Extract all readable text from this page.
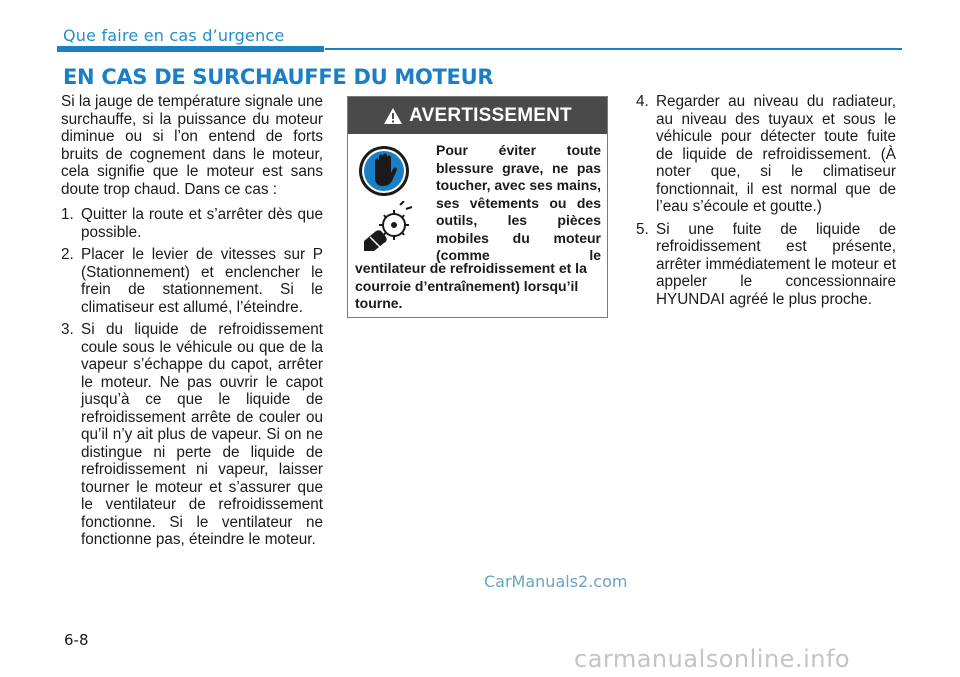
Que faire en cas d’urgence
EN CAS DE SURCHAUFFE DU MOTEUR

Si la jauge de température signale une surchauffe, si la puissance du moteur diminue ou si l’on entend de forts bruits de cognement dans le moteur, cela signifie que le moteur est sans doute trop chaud. Dans ce cas :

1. Quitter la route et s’arrêter dès que possible.
2. Placer le levier de vitesses sur P (Stationnement) et enclencher le frein de stationnement. Si le climatiseur est allumé, l’éteindre.
3. Si du liquide de refroidissement coule sous le véhicule ou que de la vapeur s’échappe du capot, arrêter le moteur. Ne pas ouvrir le capot jusqu’à ce que le liquide de refroidissement arrête de couler ou qu’il n’y ait plus de vapeur. Si on ne distingue ni perte de liquide de refroidissement ni vapeur, laisser tourner le moteur et s’assurer que le ventilateur de refroidissement fonctionne. Si le ventilateur ne fonctionne pas, éteindre le moteur.
AVERTISSEMENT
Pour éviter toute blessure grave, ne pas toucher, avec ses mains, ses vêtements ou des outils, les pièces mobiles du moteur (comme le
ventilateur de refroidissement et la courroie d’entraînement) lorsqu’il tourne.
4. Regarder au niveau du radiateur, au niveau des tuyaux et sous le véhicule pour détecter toute fuite de liquide de refroidissement. (À noter que, si le climatiseur fonctionnait, il est normal que de l’eau s’écoule et goutte.)
5. Si une fuite de liquide de refroidissement est présente, arrêter immédiatement le moteur et appeler le concessionnaire HYUNDAI agréé le plus proche.

CarManuals2.com

6-8
carmanualsonline.info
